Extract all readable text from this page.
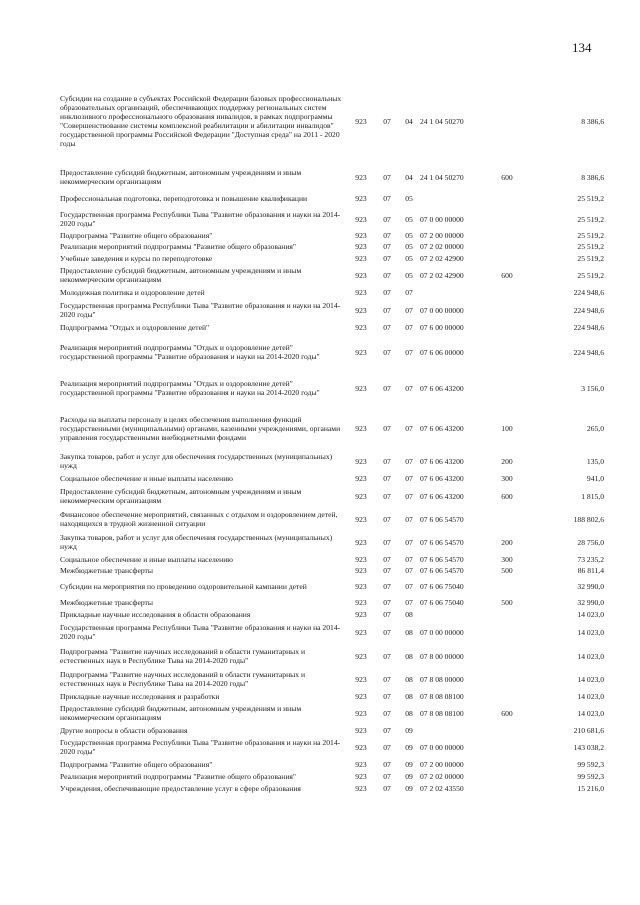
134
Субсидии на создание в субъектах Российской Федерации базовых профессиональных образовательных организаций, обеспечивающих поддержку региональных систем инклюзивного профессионального образования инвалидов, в рамках подпрограммы "Совершенствование системы комплексной реабилитации и абилитации инвалидов" государственной программы Российской Федерации "Доступная среда" на 2011 - 2020 годы	923	07	04	24 1 04 50270		8 386,6
Предоставление субсидий бюджетным, автономным учреждениям и иным некоммерческим организациям	923	07	04	24 1 04 50270	600	8 386,6
Профессиональная подготовка, переподготовка и повышение квалификации	923	07	05			25 519,2
Государственная программа Республики Тыва "Развитие образования и науки на 2014-2020 годы"	923	07	05	07 0 00 00000		25 519,2
Подпрограмма "Развитие общего образования"	923	07	05	07 2 00 00000		25 519,2
Реализация мероприятий подпрограммы "Развитие общего образования"	923	07	05	07 2 02 00000		25 519,2
Учебные заведения и курсы по переподготовке	923	07	05	07 2 02 42900		25 519,2
Предоставление субсидий бюджетным, автономным учреждениям и иным некоммерческим организациям	923	07	05	07 2 02 42900	600	25 519,2
Молодежная политика и оздоровление детей	923	07	07			224 948,6
Государственная программа Республики Тыва "Развитие образования и науки на 2014-2020 годы"	923	07	07	07 0 00 00000		224 948,6
Подпрограмма "Отдых и оздоровление детей"	923	07	07	07 6 00 00000		224 948,6
Реализация мероприятий подпрограммы "Отдых и оздоровление детей" государственной программы "Развитие образования и науки на 2014-2020 годы"	923	07	07	07 6 06 00000		224 948,6
Реализация мероприятий подпрограммы "Отдых и оздоровление детей" государственной программы "Развитие образования и науки на 2014-2020 годы"	923	07	07	07 6 06 43200		3 156,0
Расходы на выплаты персоналу в целях обеспечения выполнения функций государственными (муниципальными) органами, казенными учреждениями, органами управления государственными внебюджетными фондами	923	07	07	07 6 06 43200	100	265,0
Закупка товаров, работ и услуг для обеспечения государственных (муниципальных) нужд	923	07	07	07 6 06 43200	200	135,0
Социальное обеспечение и иные выплаты населению	923	07	07	07 6 06 43200	300	941,0
Предоставление субсидий бюджетным, автономным учреждениям и иным некоммерческим организациям	923	07	07	07 6 06 43200	600	1 815,0
Финансовое обеспечение мероприятий, связанных с отдыхом и оздоровлением детей, находящихся в трудной жизненной ситуации	923	07	07	07 6 06 54570		188 802,6
Закупка товаров, работ и услуг для обеспечения государственных (муниципальных) нужд	923	07	07	07 6 06 54570	200	28 756,0
Социальное обеспечение и иные выплаты населению	923	07	07	07 6 06 54570	300	73 235,2
Межбюджетные трансферты	923	07	07	07 6 06 54570	500	86 811,4
Субсидии на мероприятия по проведению оздоровительной кампании детей	923	07	07	07 6 06 75040		32 990,0
Межбюджетные трансферты	923	07	07	07 6 06 75040	500	32 990,0
Прикладные научные исследования в области образования	923	07	08			14 023,0
Государственная программа Республики Тыва "Развитие образования и науки на 2014-2020 годы"	923	07	08	07 0 00 00000		14 023,0
Подпрограмма "Развитие научных исследований в области гуманитарных и естественных наук в Республике Тыва на 2014-2020 годы"	923	07	08	07 8 00 00000		14 023,0
Подпрограмма "Развитие научных исследований в области гуманитарных и естественных наук в Республике Тыва на 2014-2020 годы"	923	07	08	07 8 08 00000		14 023,0
Прикладные научные исследования и разработки	923	07	08	07 8 08 08100		14 023,0
Предоставление субсидий бюджетным, автономным учреждениям и иным некоммерческим организациям	923	07	08	07 8 08 08100	600	14 023,0
Другие вопросы в области образования	923	07	09			210 681,6
Государственная программа Республики Тыва "Развитие образования и науки на 2014-2020 годы"	923	07	09	07 0 00 00000		143 038,2
Подпрограмма "Развитие общего образования"	923	07	09	07 2 00 00000		99 592,3
Реализация мероприятий подпрограммы "Развитие общего образования"	923	07	09	07 2 02 00000		99 592,3
Учреждения, обеспечивающие предоставление услуг в сфере образования	923	07	09	07 2 02 43550		15 216,0
